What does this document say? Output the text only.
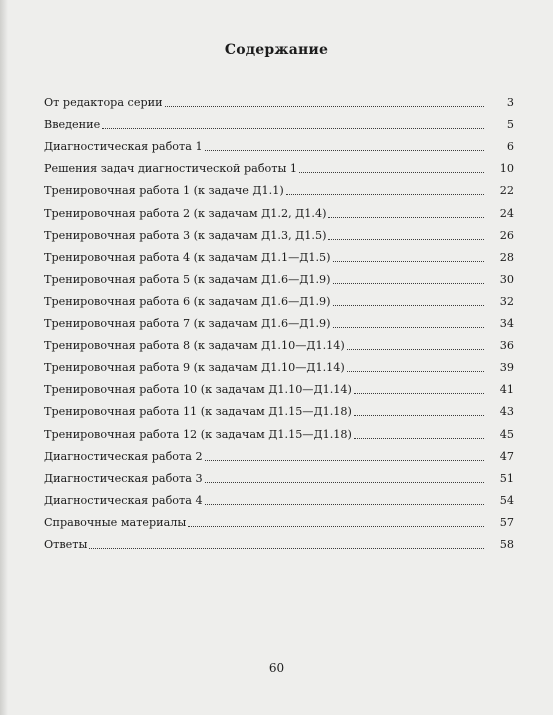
Содержание
От редактора серии	3
Введение	5
Диагностическая работа 1	6
Решения задач диагностической работы 1	10
Тренировочная работа 1 (к задаче Д1.1)	22
Тренировочная работа 2 (к задачам Д1.2, Д1.4)	24
Тренировочная работа 3 (к задачам Д1.3, Д1.5)	26
Тренировочная работа 4 (к задачам Д1.1—Д1.5)	28
Тренировочная работа 5 (к задачам Д1.6—Д1.9)	30
Тренировочная работа 6 (к задачам Д1.6—Д1.9)	32
Тренировочная работа 7 (к задачам Д1.6—Д1.9)	34
Тренировочная работа 8 (к задачам Д1.10—Д1.14)	36
Тренировочная работа 9 (к задачам Д1.10—Д1.14)	39
Тренировочная работа 10 (к задачам Д1.10—Д1.14)	41
Тренировочная работа 11 (к задачам Д1.15—Д1.18)	43
Тренировочная работа 12 (к задачам Д1.15—Д1.18)	45
Диагностическая работа 2	47
Диагностическая работа 3	51
Диагностическая работа 4	54
Справочные материалы	57
Ответы	58
60
